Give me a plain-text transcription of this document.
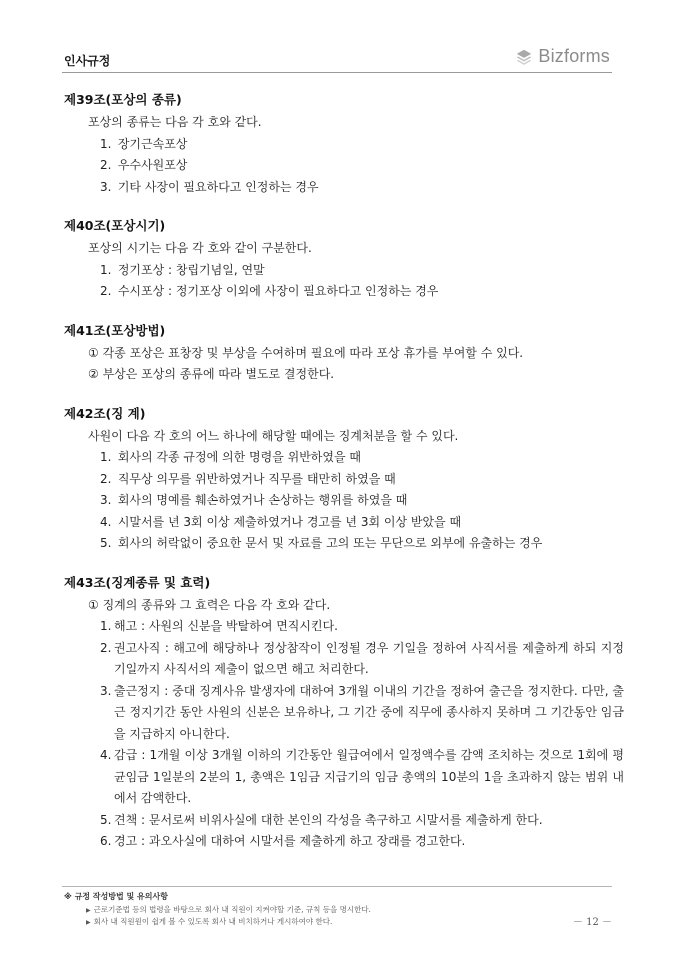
인사규정	Bizforms
제39조(포상의 종류)
포상의 종류는 다음 각 호와 같다.
1.
장기근속포상
2.
우수사원포상
3.
기타 사장이 필요하다고 인정하는 경우
제40조(포상시기)
포상의 시기는 다음 각 호와 같이 구분한다.
1.
정기포상 : 창립기념일, 연말
2.
수시포상 : 정기포상 이외에 사장이 필요하다고 인정하는 경우
제41조(포상방법)
① 각종 포상은 표창장 및 부상을 수여하며 필요에 따라 포상 휴가를 부여할 수 있다.
② 부상은 포상의 종류에 따라 별도로 결정한다.
제42조(징 계)
사원이 다음 각 호의 어느 하나에 해당할 때에는 징계처분을 할 수 있다.
1.
회사의 각종 규정에 의한 명령을 위반하였을 때
2.
직무상 의무를 위반하였거나 직무를 태만히 하였을 때
3.
회사의 명예를 훼손하였거나 손상하는 행위를 하였을 때
4.
시말서를 년 3회 이상 제출하였거나 경고를 년 3회 이상 받았을 때
5.
회사의 허락없이 중요한 문서 및 자료를 고의 또는 무단으로 외부에 유출하는 경우
제43조(징계종류 및 효력)
① 징계의 종류와 그 효력은 다음 각 호와 같다.
1. 해고 : 사원의 신분을 박탈하여 면직시킨다.
2. 권고사직 : 해고에 해당하나 정상참작이 인정될 경우 기일을 정하여 사직서를 제출하게 하되 지정 기일까지 사직서의 제출이 없으면 해고 처리한다.
3. 출근정지 : 중대 징계사유 발생자에 대하여 3개월 이내의 기간을 정하여 출근을 정지한다. 다만, 출근 정지기간 동안 사원의 신분은 보유하나, 그 기간 중에 직무에 종사하지 못하며 그 기간동안 임금을 지급하지 아니한다.
4. 감급 : 1개월 이상 3개월 이하의 기간동안 월급여에서 일정액수를 감액 조치하는 것으로 1회에 평균임금 1일분의 2분의 1, 총액은 1임금 지급기의 임금 총액의 10분의 1을 초과하지 않는 범위 내에서 감액한다.
5. 견책 : 문서로써 비위사실에 대한 본인의 각성을 촉구하고 시말서를 제출하게 한다.
6. 경고 : 과오사실에 대하여 시말서를 제출하게 하고 장래를 경고한다.
※ 규정 작성방법 및 유의사항
▶ 근로기준법 등의 법령을 바탕으로 회사 내 직원이 지켜야할 기준, 규칙 등을 명시한다.
▶ 회사 내 직원원이 쉽게 볼 수 있도록 회사 내 비치하거나 게시하여야 한다.	－ 12 －
